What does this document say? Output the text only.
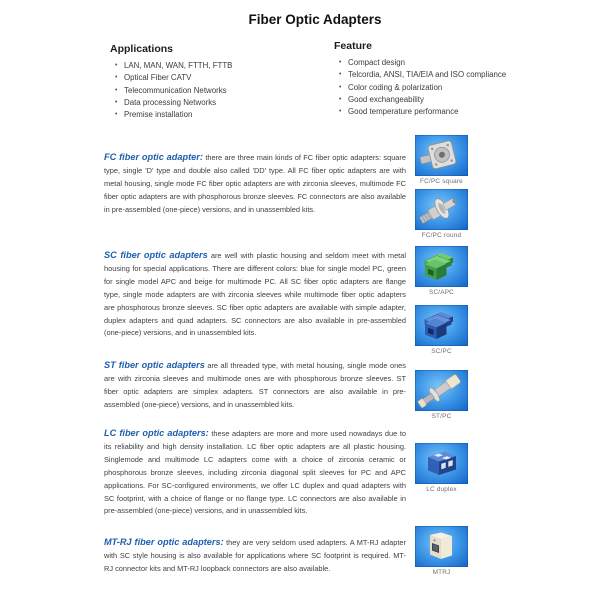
Fiber Optic Adapters
Applications
• LAN, MAN, WAN, FTTH, FTTB
• Optical Fiber CATV
• Telecommunication Networks
• Data processing Networks
• Premise installation
Feature
• Compact design
• Telcordia, ANSI, TIA/EIA and ISO compliance
• Color coding & polarization
• Good exchangeability
• Good temperature performance

FC fiber optic adapter: there are three main kinds of FC fiber optic adapters: square type, single 'D' type and double also called 'DD' type. All FC fiber optic adapters are with metal housing, single mode FC fiber optic adapters are with zirconia sleeves, multimode FC fiber optic adapters are with phosphorous bronze sleeves. FC connectors are also available in pre-assembled (one-piece) versions, and in unassembled kits.

SC fiber optic adapters are well with plastic housing and seldom meet with metal housing for special applications. There are different colors: blue for single model PC, green for single model APC and beige for multimode PC. All SC fiber optic adapters are flange type, single mode adapters are with zirconia sleeves while multimode fiber optic adapters are phosphorous bronze sleeves. SC fiber optic adapters are available with simple adapter, duplex adapters and quad adapters. SC connectors are also available in pre-assembled (one-piece) versions, and in unassembled kits.

ST fiber optic adapters are all threaded type, with metal housing, single mode ones are with zirconia sleeves and multimode ones are with phosphorous bronze sleeves. ST fiber optic adapters are simplex adapters. ST connectors are also available in pre-assembled (one-piece) versions, and in unassembled kits.

LC fiber optic adapters: these adapters are more and more used nowadays due to its reliability and high density installation. LC fiber optic adapters are all plastic housing. Singlemode and multimode LC adapters come with a choice of zirconia ceramic or phosphorous bronze sleeves, including zirconia diagonal split sleeves for PC and APC applications. For SC-configured environments, we offer LC duplex and quad adapters with SC footprint, with a choice of flange or no flange type. LC connectors are also available in pre-assembled (one-piece) versions, and in unassembled kits.

MT-RJ fiber optic adapters: they are very seldom used adapters. A MT-RJ adapter with SC style housing is also available for applications where SC footprint is required. MT-RJ connector kits and MT-RJ loopback connectors are also available.

FC/PC square
FC/PC round
SC/APC
SC/PC
ST/PC
LC duplex
MTRJ
